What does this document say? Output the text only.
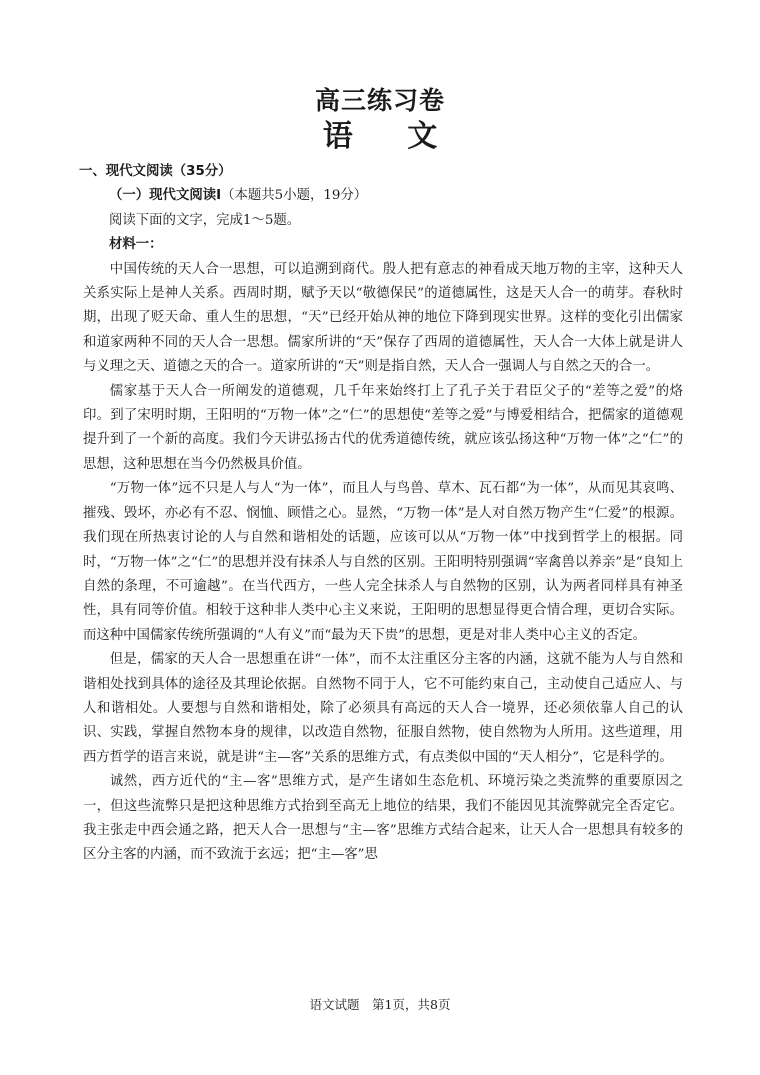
高三练习卷
语 文

一、现代文阅读（35分）

（一）现代文阅读Ⅰ（本题共5小题，19分）

阅读下面的文字，完成1～5题。

材料一：

中国传统的天人合一思想，可以追溯到商代。殷人把有意志的神看成天地万物的主宰，这种天人关系实际上是神人关系。西周时期，赋予天以“敬德保民”的道德属性，这是天人合一的萌芽。春秋时期，出现了贬天命、重人生的思想，“天”已经开始从神的地位下降到现实世界。这样的变化引出儒家和道家两种不同的天人合一思想。儒家所讲的“天”保存了西周的道德属性，天人合一大体上就是讲人与义理之天、道德之天的合一。道家所讲的“天”则是指自然，天人合一强调人与自然之天的合一。

儒家基于天人合一所阐发的道德观，几千年来始终打上了孔子关于君臣父子的“差等之爱”的烙印。到了宋明时期，王阳明的“万物一体”之“仁”的思想使“差等之爱”与博爱相结合，把儒家的道德观提升到了一个新的高度。我们今天讲弘扬古代的优秀道德传统，就应该弘扬这种“万物一体”之“仁”的思想，这种思想在当今仍然极具价值。

“万物一体”远不只是人与人“为一体”，而且人与鸟兽、草木、瓦石都“为一体”，从而见其哀鸣、摧残、毁坏，亦必有不忍、悯恤、顾惜之心。显然，“万物一体”是人对自然万物产生“仁爱”的根源。我们现在所热衷讨论的人与自然和谐相处的话题，应该可以从“万物一体”中找到哲学上的根据。同时，“万物一体”之“仁”的思想并没有抹杀人与自然的区别。王阳明特别强调“宰禽兽以养亲”是“良知上自然的条理，不可逾越”。在当代西方，一些人完全抹杀人与自然物的区别，认为两者同样具有神圣性，具有同等价值。相较于这种非人类中心主义来说，王阳明的思想显得更合情合理，更切合实际。而这种中国儒家传统所强调的“人有义”而“最为天下贵”的思想，更是对非人类中心主义的否定。

但是，儒家的天人合一思想重在讲“一体”，而不太注重区分主客的内涵，这就不能为人与自然和谐相处找到具体的途径及其理论依据。自然物不同于人，它不可能约束自己，主动使自己适应人、与人和谐相处。人要想与自然和谐相处，除了必须具有高远的天人合一境界，还必须依靠人自己的认识、实践，掌握自然物本身的规律，以改造自然物，征服自然物，使自然物为人所用。这些道理，用西方哲学的语言来说，就是讲“主—客”关系的思维方式，有点类似中国的“天人相分”，它是科学的。

诚然，西方近代的“主—客”思维方式，是产生诸如生态危机、环境污染之类流弊的重要原因之一，但这些流弊只是把这种思维方式抬到至高无上地位的结果，我们不能因见其流弊就完全否定它。我主张走中西会通之路，把天人合一思想与“主—客”思维方式结合起来，让天人合一思想具有较多的区分主客的内涵，而不致流于玄远；把“主—客”思

语文试题　第1页，共8页
